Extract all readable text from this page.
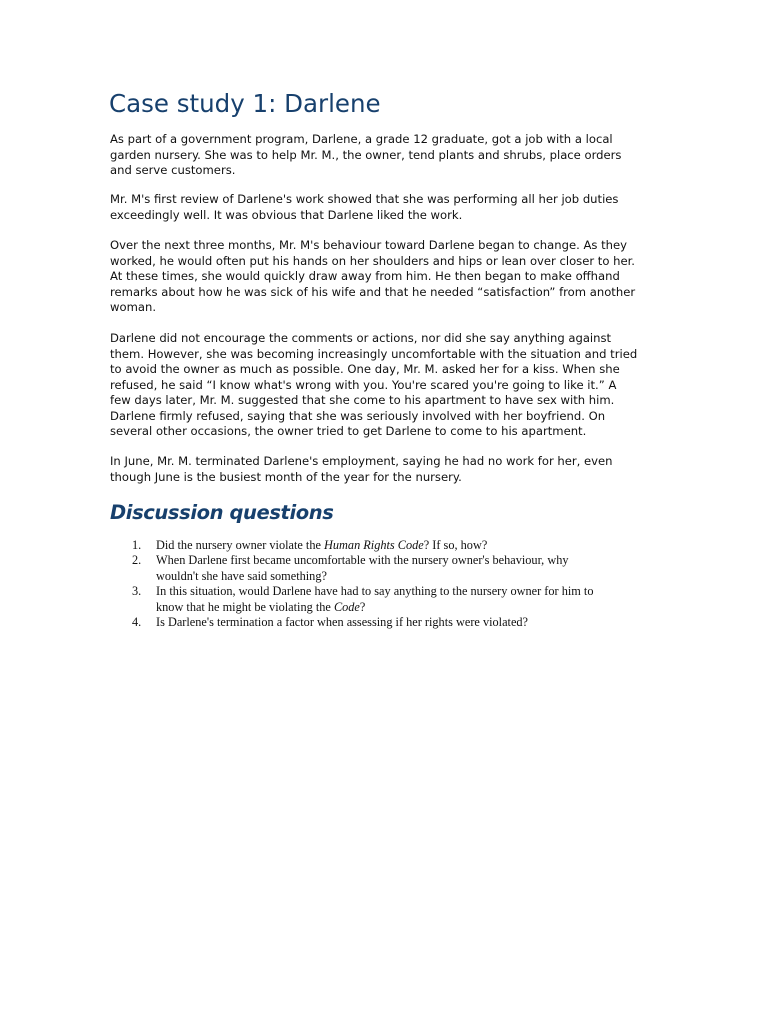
Case study 1: Darlene
As part of a government program, Darlene, a grade 12 graduate, got a job with a local
garden nursery. She was to help Mr. M., the owner, tend plants and shrubs, place orders
and serve customers.
Mr. M's first review of Darlene's work showed that she was performing all her job duties
exceedingly well. It was obvious that Darlene liked the work.
Over the next three months, Mr. M's behaviour toward Darlene began to change. As they
worked, he would often put his hands on her shoulders and hips or lean over closer to her.
At these times, she would quickly draw away from him. He then began to make offhand
remarks about how he was sick of his wife and that he needed “satisfaction” from another
woman.
Darlene did not encourage the comments or actions, nor did she say anything against
them. However, she was becoming increasingly uncomfortable with the situation and tried
to avoid the owner as much as possible. One day, Mr. M. asked her for a kiss. When she
refused, he said “I know what's wrong with you. You're scared you're going to like it.” A
few days later, Mr. M. suggested that she come to his apartment to have sex with him.
Darlene firmly refused, saying that she was seriously involved with her boyfriend. On
several other occasions, the owner tried to get Darlene to come to his apartment.
In June, Mr. M. terminated Darlene's employment, saying he had no work for her, even
though June is the busiest month of the year for the nursery.
Discussion questions
1. Did the nursery owner violate the Human Rights Code? If so, how?
2. When Darlene first became uncomfortable with the nursery owner's behaviour, why
wouldn't she have said something?
3. In this situation, would Darlene have had to say anything to the nursery owner for him to
know that he might be violating the Code?
4. Is Darlene's termination a factor when assessing if her rights were violated?
